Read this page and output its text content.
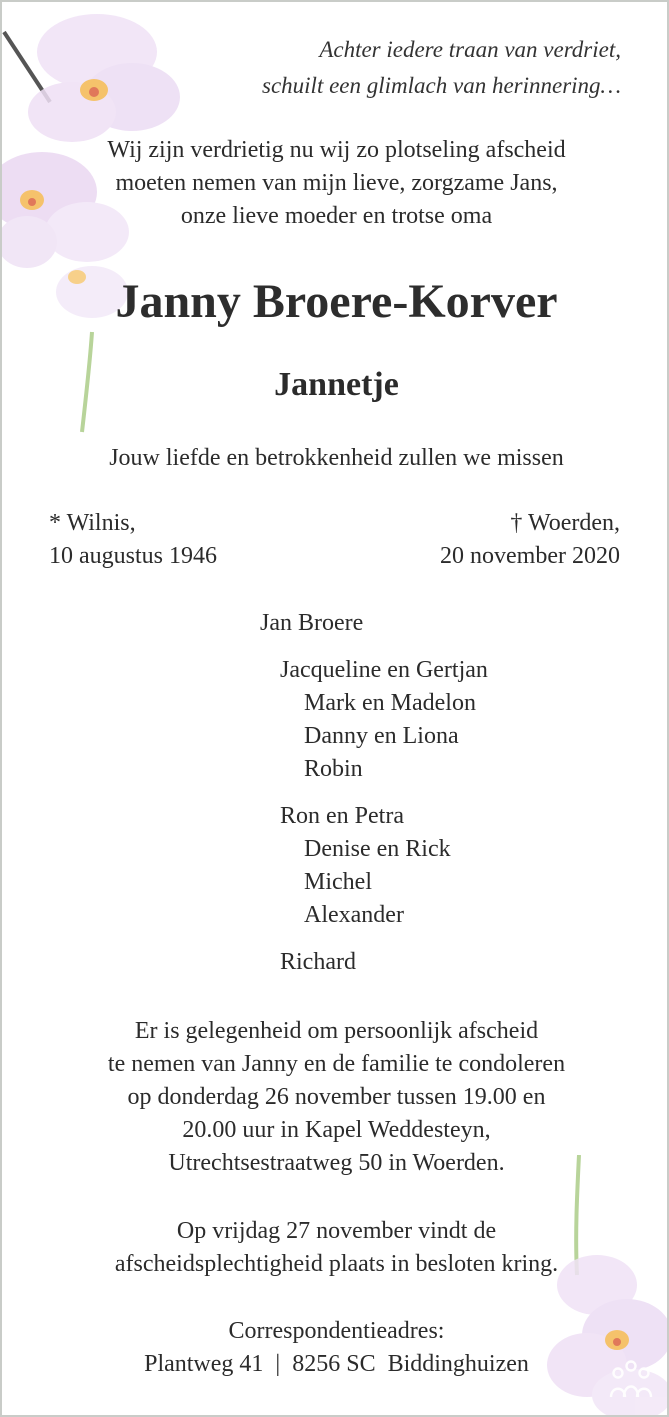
Achter iedere traan van verdriet,
schuilt een glimlach van herinnering…
Wij zijn verdrietig nu wij zo plotseling afscheid
moeten nemen van mijn lieve, zorgzame Jans,
onze lieve moeder en trotse oma
Janny Broere-Korver
Jannetje
Jouw liefde en betrokkenheid zullen we missen
* Wilnis,
10 augustus 1946
† Woerden,
20 november 2020
Jan Broere
Jacqueline en Gertjan
Mark en Madelon
Danny en Liona
Robin
Ron en Petra
Denise en Rick
Michel
Alexander
Richard
Er is gelegenheid om persoonlijk afscheid
te nemen van Janny en de familie te condoleren
op donderdag 26 november tussen 19.00 en
20.00 uur in Kapel Weddesteyn,
Utrechtsestraatweg 50 in Woerden.
Op vrijdag 27 november vindt de
afscheidsplechtigheid plaats in besloten kring.
Correspondentieadres:
Plantweg 41  |  8256 SC  Biddinghuizen
